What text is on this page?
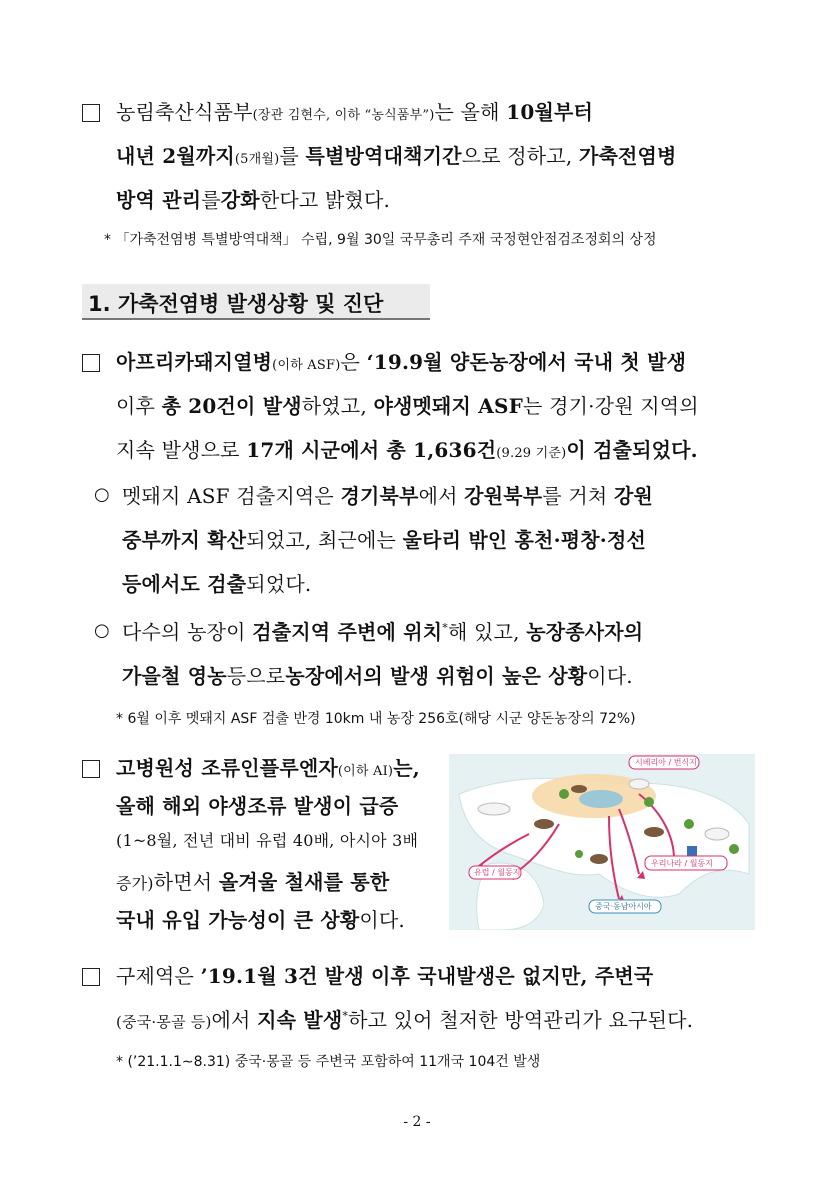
농림축산식품부(장관 김현수, 이하 “농식품부”)는 올해 10월부터
내년 2월까지(5개월)를 특별방역대책기간으로 정하고, 가축전염병
방역 관리 를 강화 한다고 밝혔다.
* 「가축전염병 특별방역대책」 수립, 9월 30일 국무총리 주재 국정현안점검조정회의 상정
1. 가축전염병 발생상황 및 진단
아프리카돼지열병(이하 ASF)은 ‘19.9월 양돈농장에서 국내 첫 발생
이후 총 20건이 발생하였고, 야생멧돼지 ASF는 경기·강원 지역의
지속 발생으로 17개 시군에서 총 1,636건(9.29 기준)이 검출되었다.
○ 멧돼지 ASF 검출지역은 경기북부에서 강원북부를 거쳐 강원
중부까지 확산되었고, 최근에는 울타리 밖인 홍천·평창·정선
등에서도 검출 되었다.
○ 다수의 농장이 검출지역 주변에 위치*해 있고, 농장종사자의
가을철 영농 등으로 농장에서의 발생 위험이 높은 상황 이다.
* 6월 이후 멧돼지 ASF 검출 반경 10km 내 농장 256호(해당 시군 양돈농장의 72%)
고병원성 조류인플루엔자(이하 AI)는,
올해 해외 야생조류 발생이 급증
(1~8월, 전년 대비 유럽 40배, 아시아 3배
증가)하면서 올겨울 철새를 통한
국내 유입 가능성이 큰 상황 이다.
시베리아 / 번식지
유럽 / 월동지
우리나라 / 월동지
중국·동남아시아
구제역은 ’19.1월 3건 발생 이후 국내발생은 없지만, 주변국
(중국·몽골 등)에서 지속 발생*하고 있어 철저한 방역관리가 요구된다.
* (’21.1.1∼8.31) 중국·몽골 등 주변국 포함하여 11개국 104건 발생
- 2 -
